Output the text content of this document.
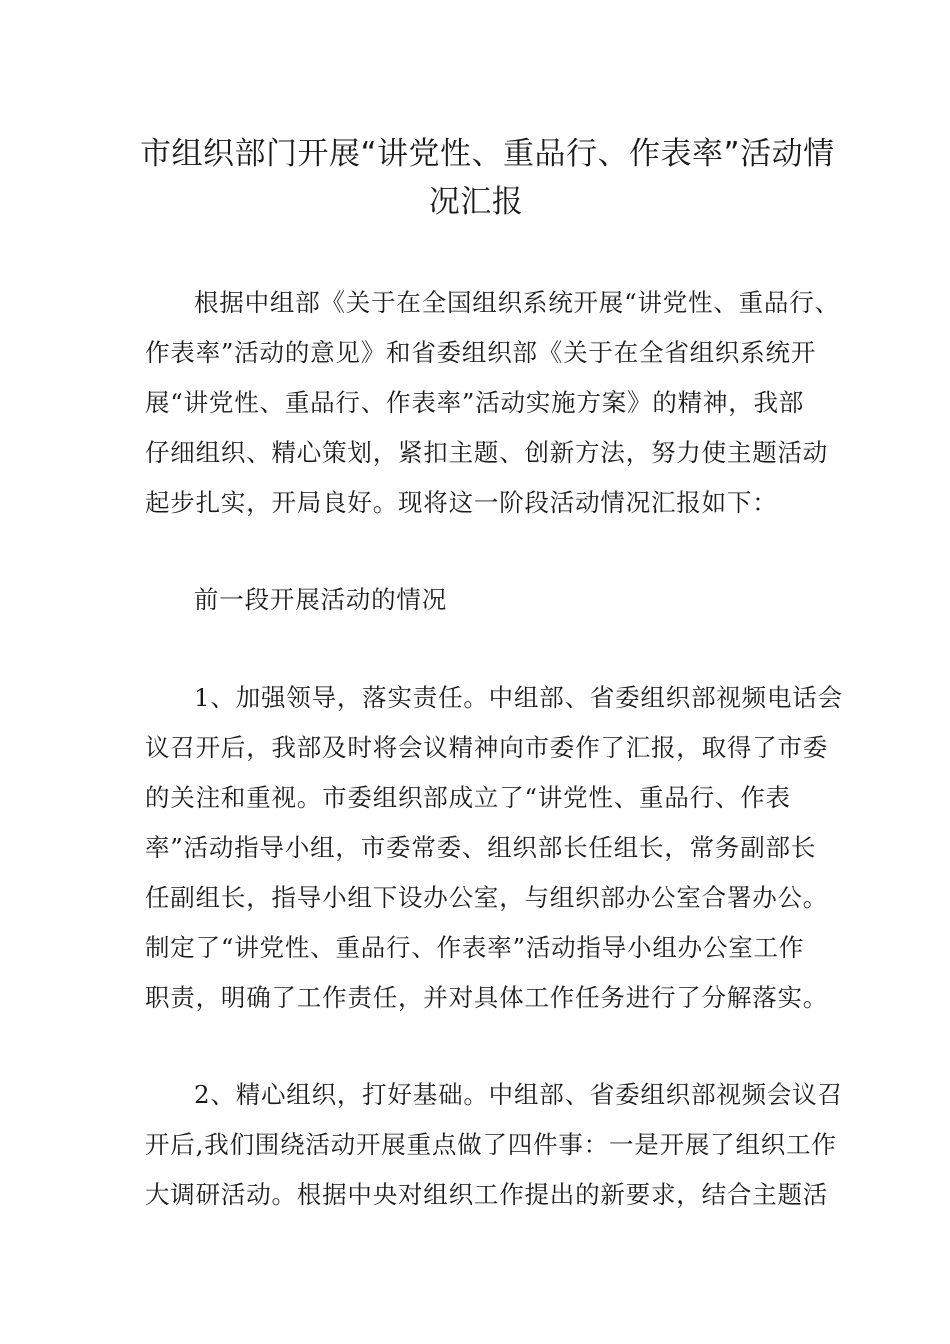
市组织部门开展“讲党性、重品行、作表率”活动情
况汇报
根据中组部《关于在全国组织系统开展“讲党性、重品行、
作表率”活动的意见》和省委组织部《关于在全省组织系统开
展“讲党性、重品行、作表率”活动实施方案》的精神，我部
仔细组织、精心策划，紧扣主题、创新方法，努力使主题活动
起步扎实，开局良好。现将这一阶段活动情况汇报如下：
前一段开展活动的情况
1、加强领导，落实责任。中组部、省委组织部视频电话会
议召开后，我部及时将会议精神向市委作了汇报，取得了市委
的关注和重视。市委组织部成立了“讲党性、重品行、作表
率”活动指导小组，市委常委、组织部长任组长，常务副部长
任副组长，指导小组下设办公室，与组织部办公室合署办公。
制定了“讲党性、重品行、作表率”活动指导小组办公室工作
职责，明确了工作责任，并对具体工作任务进行了分解落实。
2、精心组织，打好基础。中组部、省委组织部视频会议召
开后,我们围绕活动开展重点做了四件事：一是开展了组织工作
大调研活动。根据中央对组织工作提出的新要求，结合主题活
